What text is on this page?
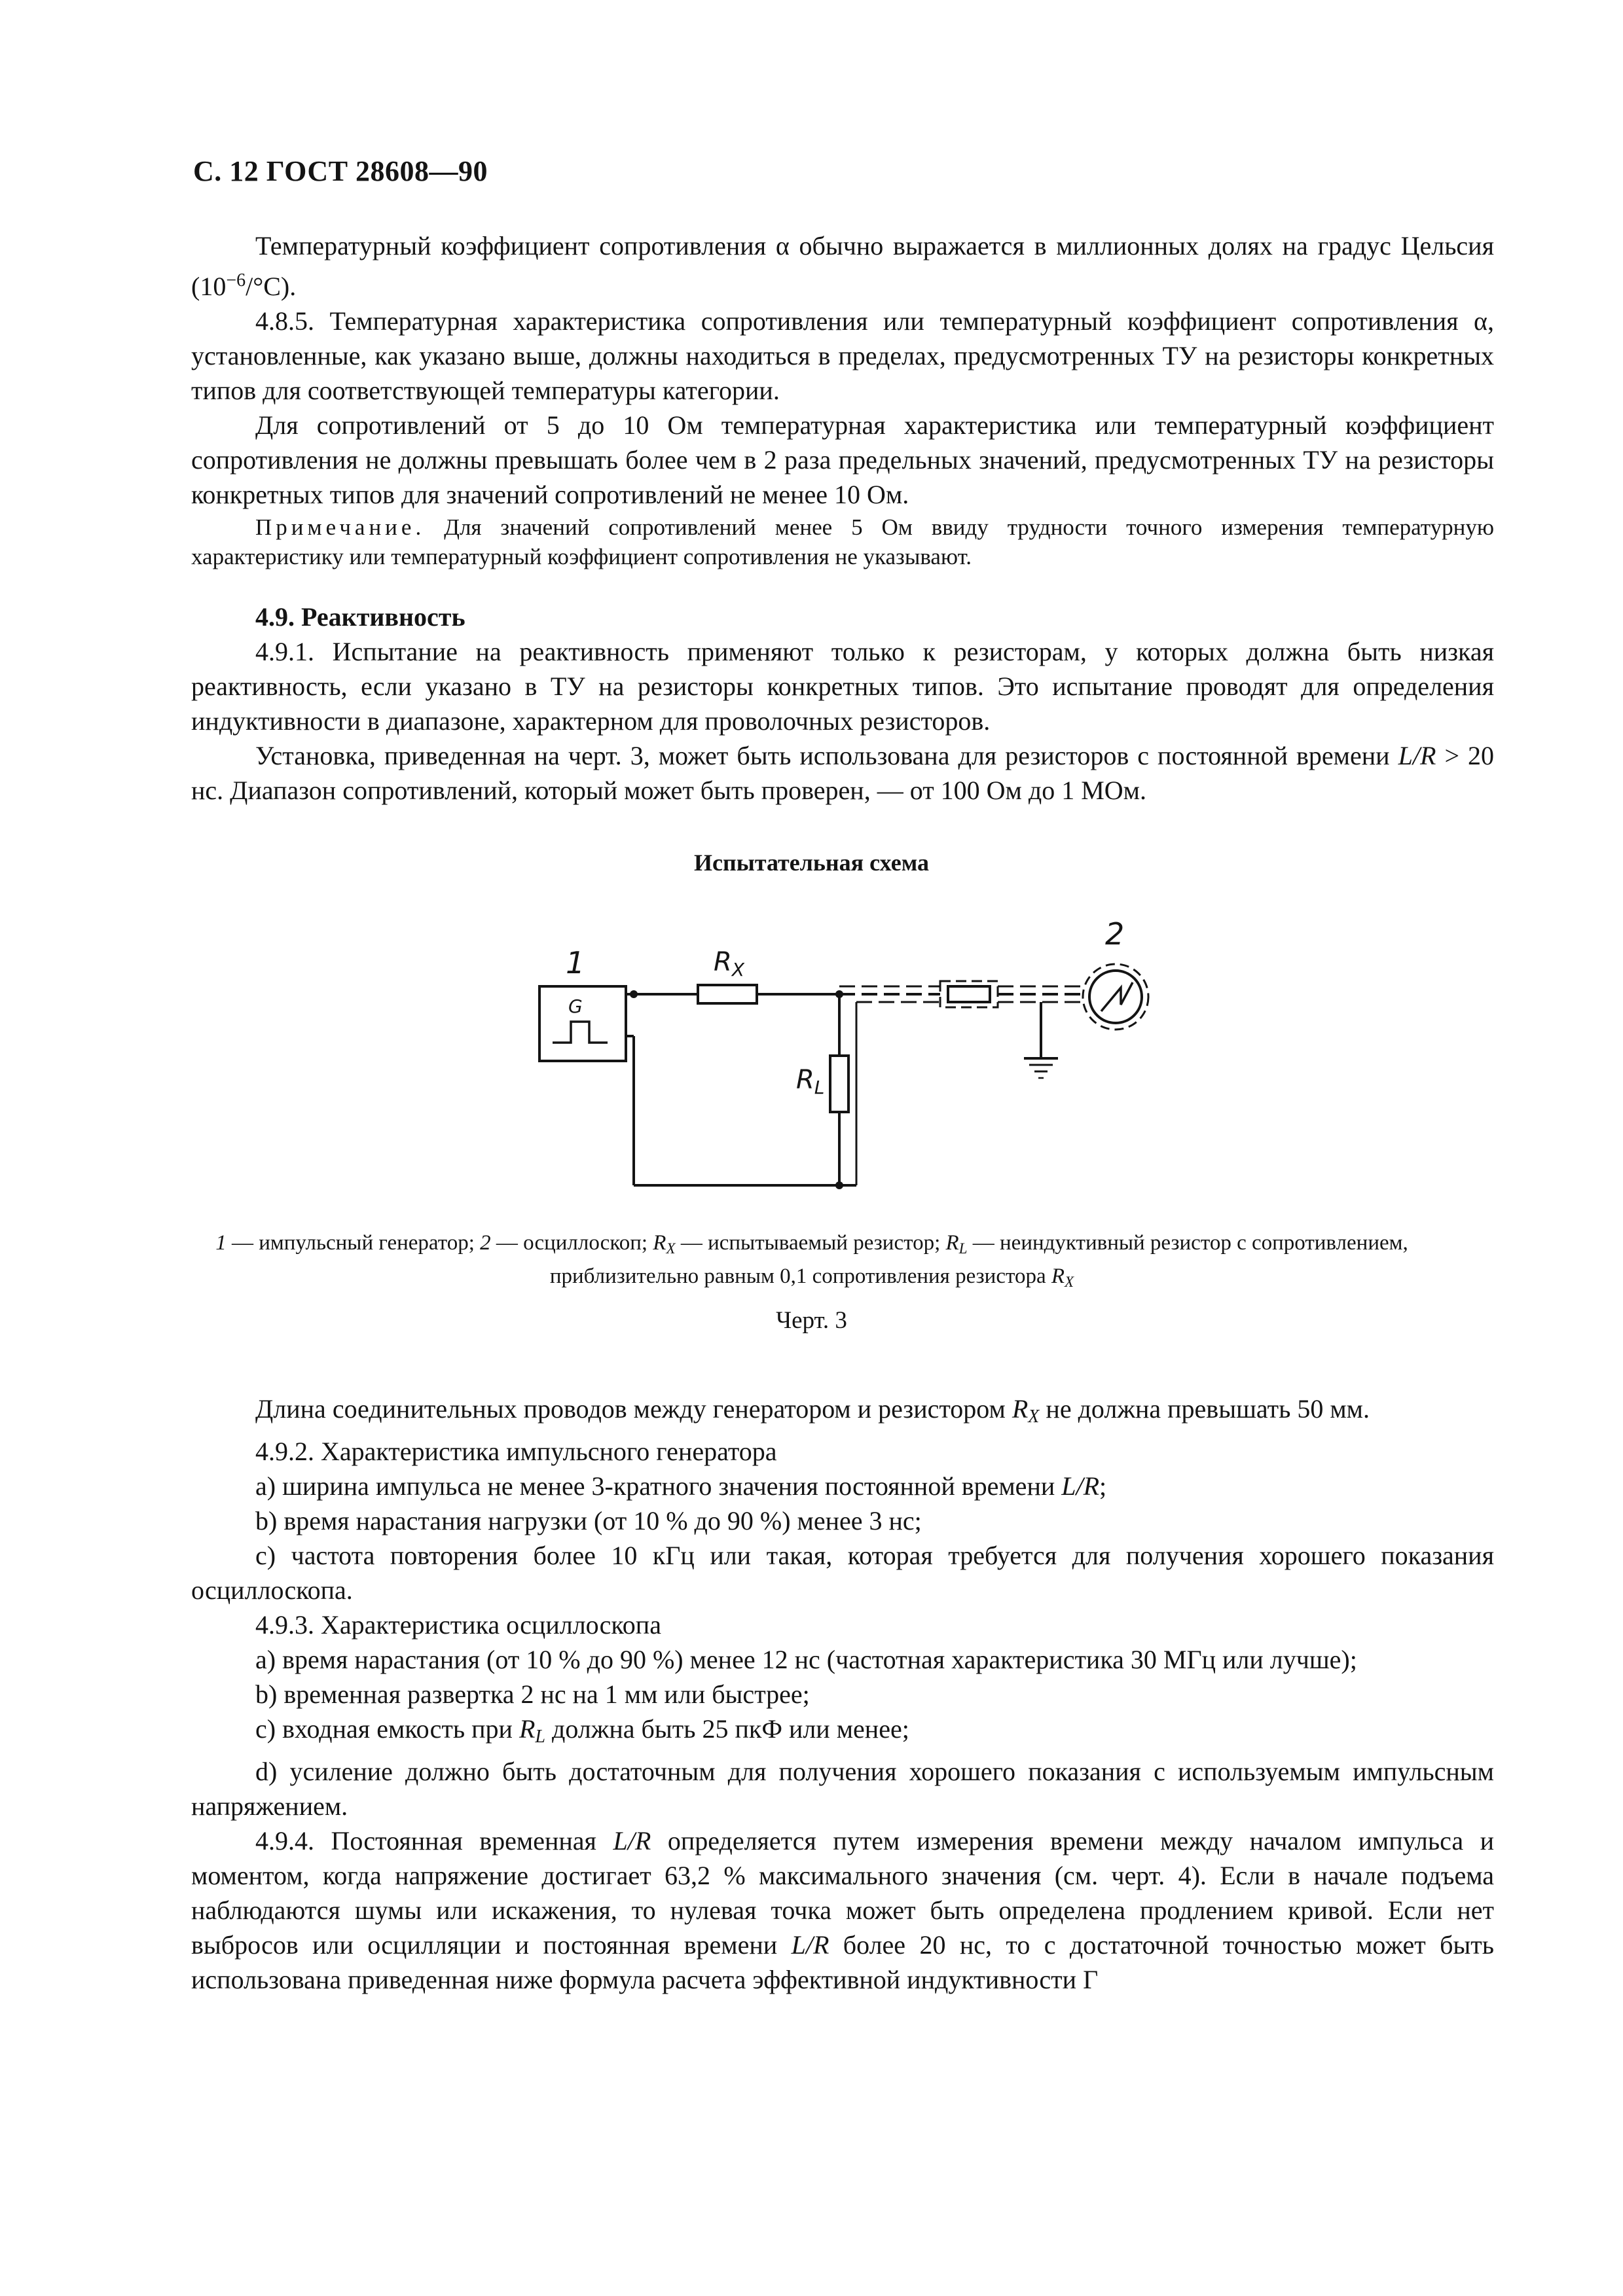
С. 12 ГОСТ 28608—90

Температурный коэффициент сопротивления α обычно выражается в миллионных долях на градус Цельсия $(10^{-6}/^\circ С)$.

4.8.5. Температурная характеристика сопротивления или температурный коэффициент сопротивления α, установленные, как указано выше, должны находиться в пределах, предусмотренных ТУ на резисторы конкретных типов для соответствующей температуры категории.

Для сопротивлений от 5 до 10 Ом температурная характеристика или температурный коэффициент сопротивления не должны превышать более чем в 2 раза предельных значений, предусмотренных ТУ на резисторы конкретных типов для значений сопротивлений не менее 10 Ом.

Примечание. Для значений сопротивлений менее 5 Ом ввиду трудности точного измерения температурную характеристику или температурный коэффициент сопротивления не указывают.

4.9. Реактивность

4.9.1. Испытание на реактивность применяют только к резисторам, у которых должна быть низкая реактивность, если указано в ТУ на резисторы конкретных типов. Это испытание проводят для определения индуктивности в диапазоне, характерном для проволочных резисторов.

Установка, приведенная на черт. 3, может быть использована для резисторов с постоянной времени L/R > 20 нс. Диапазон сопротивлений, который может быть проверен, — от 100 Ом до 1 МОм.

Испытательная схема
1
2
G
$R_X$
$R_L$
1 — импульсный генератор; 2 — осциллоскоп; $R_X$ — испытываемый резистор; $R_L$ — неиндуктивный резистор с сопротивлением, приблизительно равным 0,1 сопротивления резистора $R_X$
Черт. 3

Длина соединительных проводов между генератором и резистором $R_X$ не должна превышать 50 мм.

4.9.2. Характеристика импульсного генератора

а) ширина импульса не менее 3-кратного значения постоянной времени L/R;

b) время нарастания нагрузки (от 10 % до 90 %) менее 3 нс;

с) частота повторения более 10 кГц или такая, которая требуется для получения хорошего показания осциллоскопа.

4.9.3. Характеристика осциллоскопа

а) время нарастания (от 10 % до 90 %) менее 12 нс (частотная характеристика 30 МГц или лучше);

b) временная развертка 2 нс на 1 мм или быстрее;

с) входная емкость при $R_L$ должна быть 25 пкФ или менее;

d) усиление должно быть достаточным для получения хорошего показания с используемым импульсным напряжением.

4.9.4. Постоянная временная L/R определяется путем измерения времени между началом импульса и моментом, когда напряжение достигает 63,2 % максимального значения (см. черт. 4). Если в начале подъема наблюдаются шумы или искажения, то нулевая точка может быть определена продлением кривой. Если нет выбросов или осцилляции и постоянная времени L/R более 20 нс, то с достаточной точностью может быть использована приведенная ниже формула расчета эффективной индуктивности Г
